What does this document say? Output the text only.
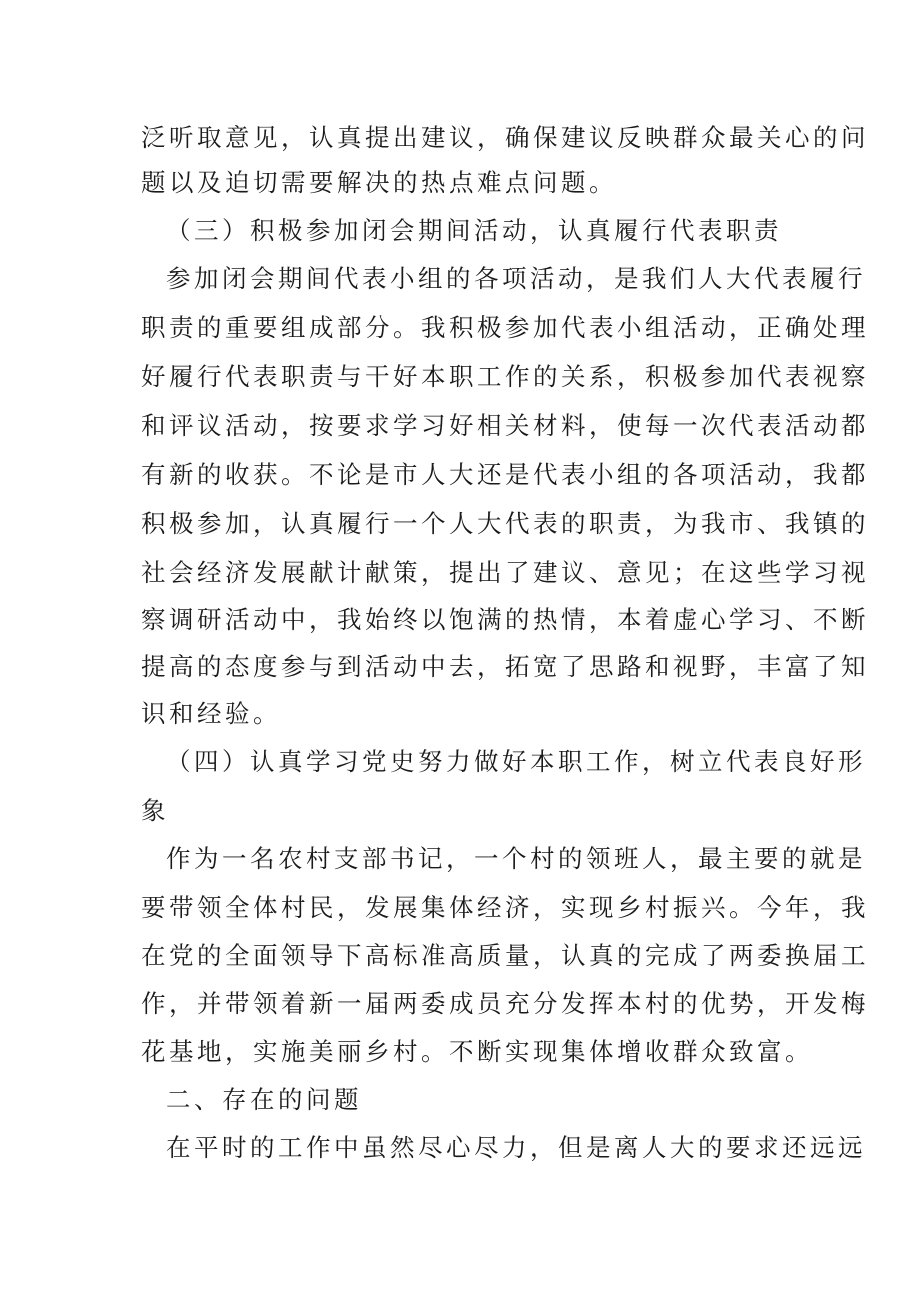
泛听取意见，认真提出建议，确保建议反映群众最关心的问
题以及迫切需要解决的热点难点问题。
（三）积极参加闭会期间活动，认真履行代表职责
参加闭会期间代表小组的各项活动，是我们人大代表履行
职责的重要组成部分。我积极参加代表小组活动，正确处理
好履行代表职责与干好本职工作的关系，积极参加代表视察
和评议活动，按要求学习好相关材料，使每一次代表活动都
有新的收获。不论是市人大还是代表小组的各项活动，我都
积极参加，认真履行一个人大代表的职责，为我市、我镇的
社会经济发展献计献策，提出了建议、意见；在这些学习视
察调研活动中，我始终以饱满的热情，本着虚心学习、不断
提高的态度参与到活动中去，拓宽了思路和视野，丰富了知
识和经验。
（四）认真学习党史努力做好本职工作，树立代表良好形
象
作为一名农村支部书记，一个村的领班人，最主要的就是
要带领全体村民，发展集体经济，实现乡村振兴。今年，我
在党的全面领导下高标准高质量，认真的完成了两委换届工
作，并带领着新一届两委成员充分发挥本村的优势，开发梅
花基地，实施美丽乡村。不断实现集体增收群众致富。
二、存在的问题
在平时的工作中虽然尽心尽力，但是离人大的要求还远远
